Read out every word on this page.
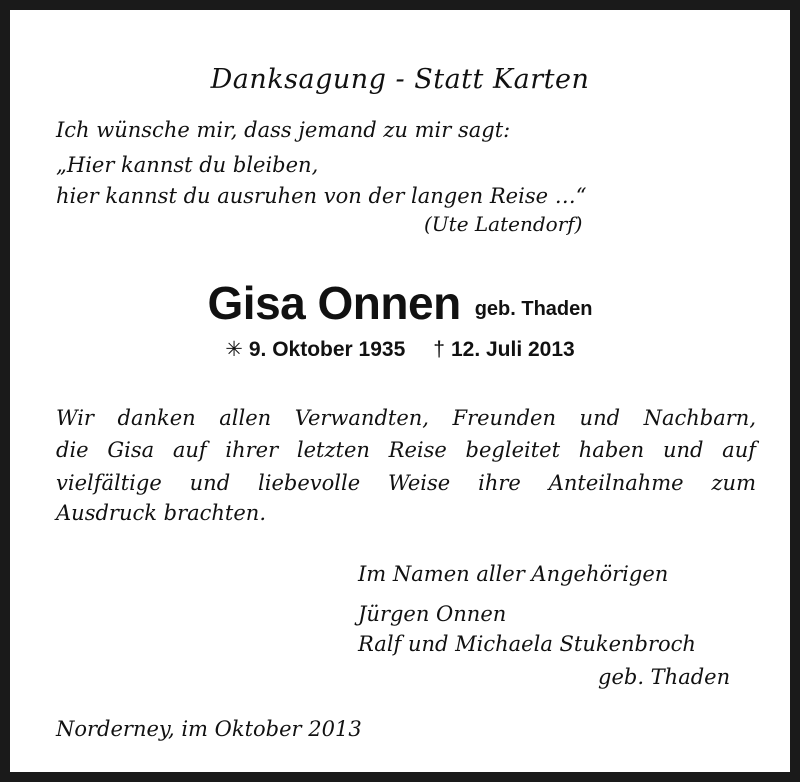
Danksagung - Statt Karten
Ich wünsche mir, dass jemand zu mir sagt:
„Hier kannst du bleiben,
hier kannst du ausruhen von der langen Reise …“
(Ute Latendorf)
Gisa Onnen geb. Thaden
✳ 9. Oktober 1935 † 12. Juli 2013
Wir danken allen Verwandten, Freunden und Nachbarn,
die Gisa auf ihrer letzten Reise begleitet haben und auf
vielfältige und liebevolle Weise ihre Anteilnahme zum
Ausdruck brachten.
Im Namen aller Angehörigen
Jürgen Onnen
Ralf und Michaela Stukenbroch
geb. Thaden
Norderney, im Oktober 2013
